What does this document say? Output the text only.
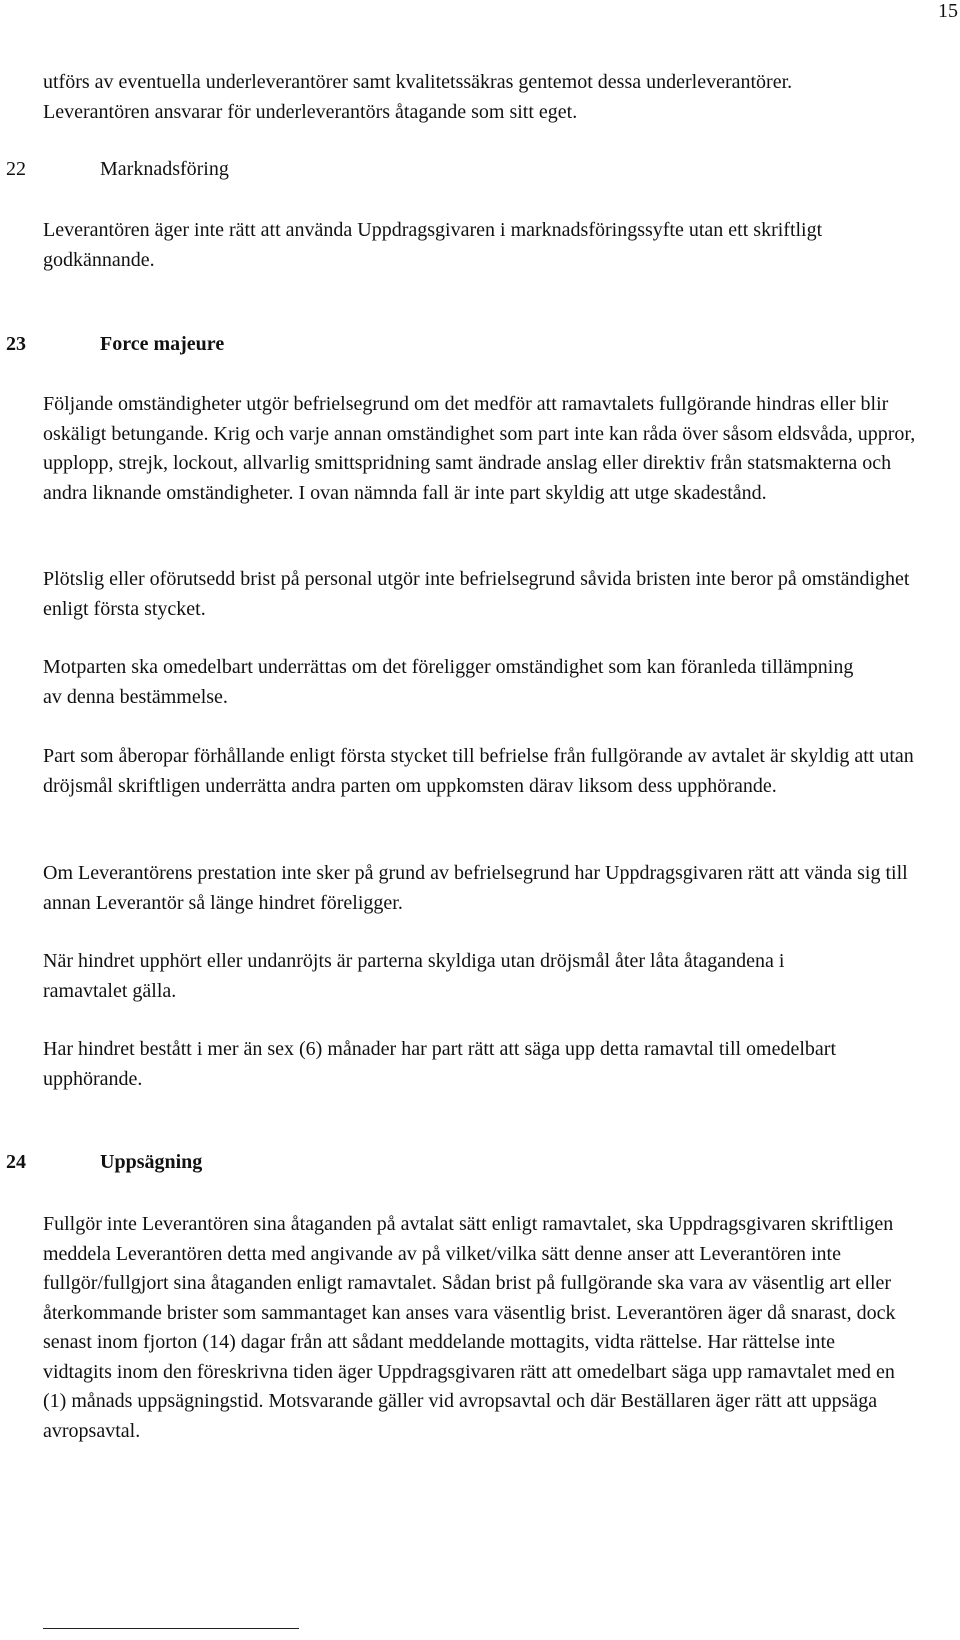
15

utförs av eventuella underleverantörer samt kvalitetssäkras gentemot dessa underleverantörer.

Leverantören ansvarar för underleverantörs åtagande som sitt eget.

22	Marknadsföring

Leverantören äger inte rätt att använda Uppdragsgivaren i marknadsföringssyfte utan ett skriftligt godkännande.

23	Force majeure
Följande omständigheter utgör befrielsegrund om det medför att ramavtalets fullgörande hindras eller blir oskäligt betungande. Krig och varje annan omständighet som part inte kan råda över såsom eldsvåda, uppror, upplopp, strejk, lockout, allvarlig smittspridning samt ändrade anslag eller direktiv från statsmakterna och andra liknande omständigheter. I ovan nämnda fall är inte part skyldig att utge skadestånd.
Plötslig eller oförutsedd brist på personal utgör inte befrielsegrund såvida bristen inte beror på omständighet enligt första stycket.
Motparten ska omedelbart underrättas om det föreligger omständighet som kan föranleda tillämpning av denna bestämmelse.
Part som åberopar förhållande enligt första stycket till befrielse från fullgörande av avtalet är skyldig att utan dröjsmål skriftligen underrätta andra parten om uppkomsten därav liksom dess upphörande.
Om Leverantörens prestation inte sker på grund av befrielsegrund har Uppdragsgivaren rätt att vända sig till annan Leverantör så länge hindret föreligger.
När hindret upphört eller undanröjts är parterna skyldiga utan dröjsmål åter låta åtagandena i ramavtalet gälla.
Har hindret bestått i mer än sex (6) månader har part rätt att säga upp detta ramavtal till omedelbart upphörande.
24	Uppsägning
Fullgör inte Leverantören sina åtaganden på avtalat sätt enligt ramavtalet, ska Uppdragsgivaren skriftligen meddela Leverantören detta med angivande av på vilket/vilka sätt denne anser att Leverantören inte fullgör/fullgjort sina åtaganden enligt ramavtalet. Sådan brist på fullgörande ska vara av väsentlig art eller återkommande brister som sammantaget kan anses vara väsentlig brist. Leverantören äger då snarast, dock senast inom fjorton (14) dagar från att sådant meddelande mottagits, vidta rättelse. Har rättelse inte vidtagits inom den föreskrivna tiden äger Uppdragsgivaren rätt att omedelbart säga upp ramavtalet med en (1) månads uppsägningstid. Motsvarande gäller vid avropsavtal och där Beställaren äger rätt att uppsäga avropsavtal.
